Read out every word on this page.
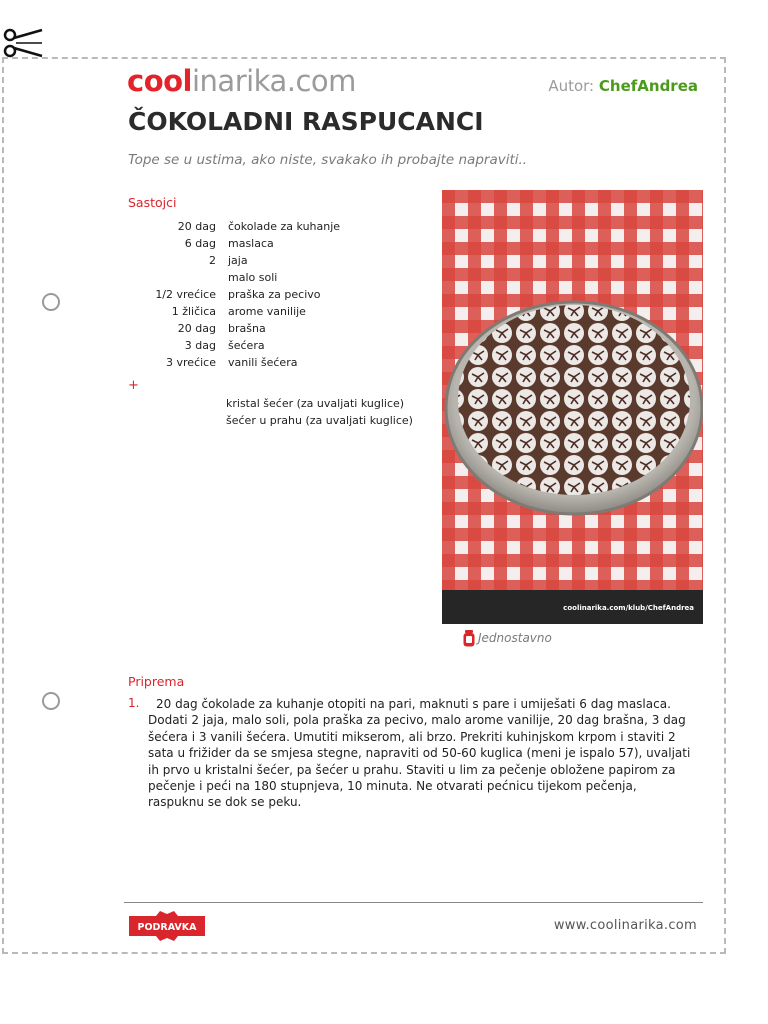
coolinarika.com	Autor: ChefAndrea
ČOKOLADNI RASPUCANCI
Tope se u ustima, ako niste, svakako ih probajte napraviti..
Sastojci
20 dag	čokolade za kuhanje
6 dag	maslaca
2	jaja
	malo soli
1/2 vrećice	praška za pecivo
1 žličica	arome vanilije
20 dag	brašna
3 dag	šećera
3 vrećice	vanili šećera
+
kristal šećer (za uvaljati kuglice)
šećer u prahu (za uvaljati kuglice)
coolinarika.com/klub/ChefAndrea
Jednostavno
Priprema
1.	20 dag čokolade za kuhanje otopiti na pari, maknuti s pare i umiješati 6 dag maslaca. Dodati 2 jaja, malo soli, pola praška za pecivo, malo arome vanilije, 20 dag brašna, 3 dag šećera i 3 vanili šećera. Umutiti mikserom, ali brzo. Prekriti kuhinjskom krpom i staviti 2 sata u frižider da se smjesa stegne, napraviti od 50-60 kuglica (meni je ispalo 57), uvaljati ih prvo u kristalni šećer, pa šećer u prahu. Staviti u lim za pečenje obložene papirom za pečenje i peći na 180 stupnjeva, 10 minuta. Ne otvarati pećnicu tijekom pečenja, raspuknu se dok se peku.

PODRAVKA	www.coolinarika.com
